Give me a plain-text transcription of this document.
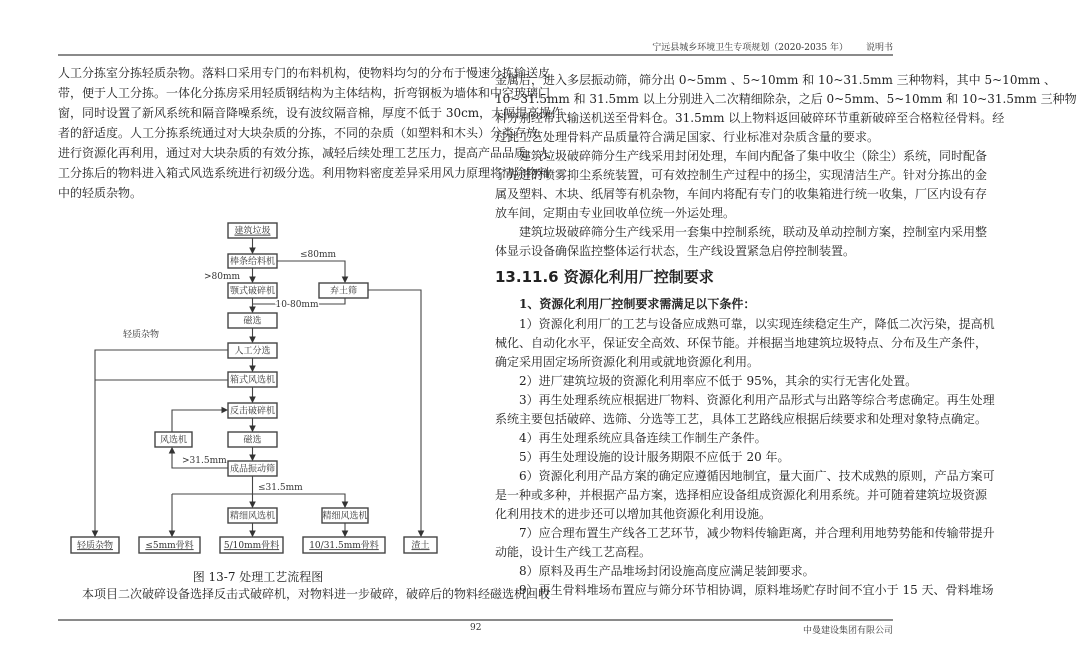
宁远县城乡环境卫生专项规划（2020-2035 年） 说明书
人工分拣室分拣轻质杂物。落料口采用专门的布料机构，使物料均匀的分布于慢速分拣输送皮
带，便于人工分拣。一体化分拣房采用轻质钢结构为主体结构，折弯钢板为墙体和中空玻璃门
窗，同时设置了新风系统和隔音降噪系统，设有波纹隔音棉，厚度不低于 30cm，大幅提高操作
者的舒适度。人工分拣系统通过对大块杂质的分拣，不同的杂质（如塑料和木头）分类存放，
进行资源化再利用，通过对大块杂质的有效分拣，减轻后续处理工艺压力，提高产品品质。人
工分拣后的物料进入箱式风选系统进行初级分选。利用物料密度差异采用风力原理将清除物料
中的轻质杂物。
建筑垃圾
棒条给料机
颚式破碎机	弃土筛
磁选
人工分选
箱式风选机
反击破碎机
风选机	磁选
成品振动筛
精细风选机	精细风选机
轻质杂物	≤5mm骨料	5/10mm骨料	10/31.5mm骨料	渣土
≤80mm
>80mm
10-80mm
轻质杂物
>31.5mm
≤31.5mm
图 13-7 处理工艺流程图
本项目二次破碎设备选择反击式破碎机，对物料进一步破碎，破碎后的物料经磁选机回收
金属后，进入多层振动筛，筛分出 0~5mm 、5~10mm 和 10~31.5mm 三种物料，其中 5~10mm 、
10~31.5mm 和 31.5mm 以上分别进入二次精细除杂，之后 0~5mm、5~10mm 和 10~31.5mm 三种物
料分别经带式输送机送至骨料仓。31.5mm 以上物料返回破碎环节重新破碎至合格粒径骨料。经
过此工艺处理骨料产品质量符合满足国家、行业标准对杂质含量的要求。
建筑垃圾破碎筛分生产线采用封闭处理，车间内配备了集中收尘（除尘）系统，同时配备
了先进的喷雾抑尘系统装置，可有效控制生产过程中的扬尘，实现清洁生产。针对分拣出的金
属及塑料、木块、纸屑等有机杂物，车间内将配有专门的收集箱进行统一收集，厂区内设有存
放车间，定期由专业回收单位统一外运处理。
建筑垃圾破碎筛分生产线采用一套集中控制系统，联动及单动控制方案，控制室内采用整
体显示设备确保监控整体运行状态，生产线设置紧急启停控制装置。
13.11.6 资源化利用厂控制要求
1、资源化利用厂控制要求需满足以下条件：
1）资源化利用厂的工艺与设备应成熟可靠，以实现连续稳定生产，降低二次污染，提高机
械化、自动化水平，保证安全高效、环保节能。并根据当地建筑垃圾特点、分布及生产条件，
确定采用固定场所资源化利用或就地资源化利用。
2）进厂建筑垃圾的资源化利用率应不低于 95%，其余的实行无害化处置。
3）再生处理系统应根据进厂物料、资源化利用产品形式与出路等综合考虑确定。再生处理
系统主要包括破碎、选筛、分选等工艺，具体工艺路线应根据后续要求和处理对象特点确定。
4）再生处理系统应具备连续工作制生产条件。
5）再生处理设施的设计服务期限不应低于 20 年。
6）资源化利用产品方案的确定应遵循因地制宜，量大面广、技术成熟的原则，产品方案可
是一种或多种，并根据产品方案，选择相应设备组成资源化利用系统。并可随着建筑垃圾资源
化利用技术的进步还可以增加其他资源化利用设施。
7）应合理布置生产线各工艺环节，减少物料传输距离，并合理利用地势势能和传输带提升
动能，设计生产线工艺高程。
8）原料及再生产品堆场封闭设施高度应满足装卸要求。
9）再生骨料堆场布置应与筛分环节相协调，原料堆场贮存时间不宜小于 15 天、骨料堆场
92	中曼建设集团有限公司
